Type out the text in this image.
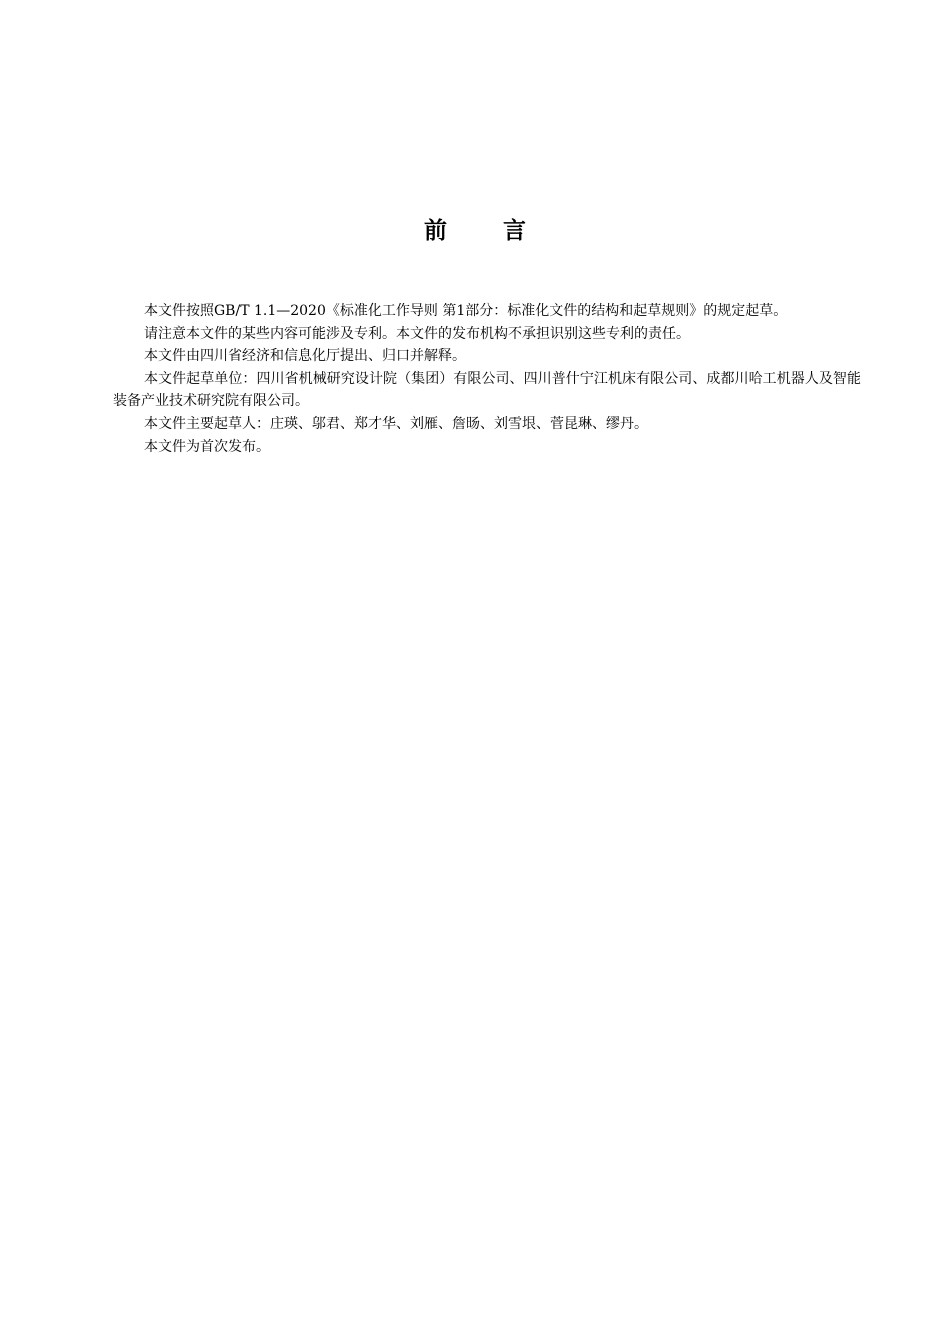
前 言

本文件按照GB/T 1.1—2020《标准化工作导则 第1部分：标准化文件的结构和起草规则》的规定起草。

请注意本文件的某些内容可能涉及专利。本文件的发布机构不承担识别这些专利的责任。

本文件由四川省经济和信息化厅提出、归口并解释。

本文件起草单位：四川省机械研究设计院（集团）有限公司、四川普什宁江机床有限公司、成都川哈工机器人及智能装备产业技术研究院有限公司。

本文件主要起草人：庄瑛、邬君、郑才华、刘雁、詹旸、刘雪垠、菅昆琳、缪丹。

本文件为首次发布。
